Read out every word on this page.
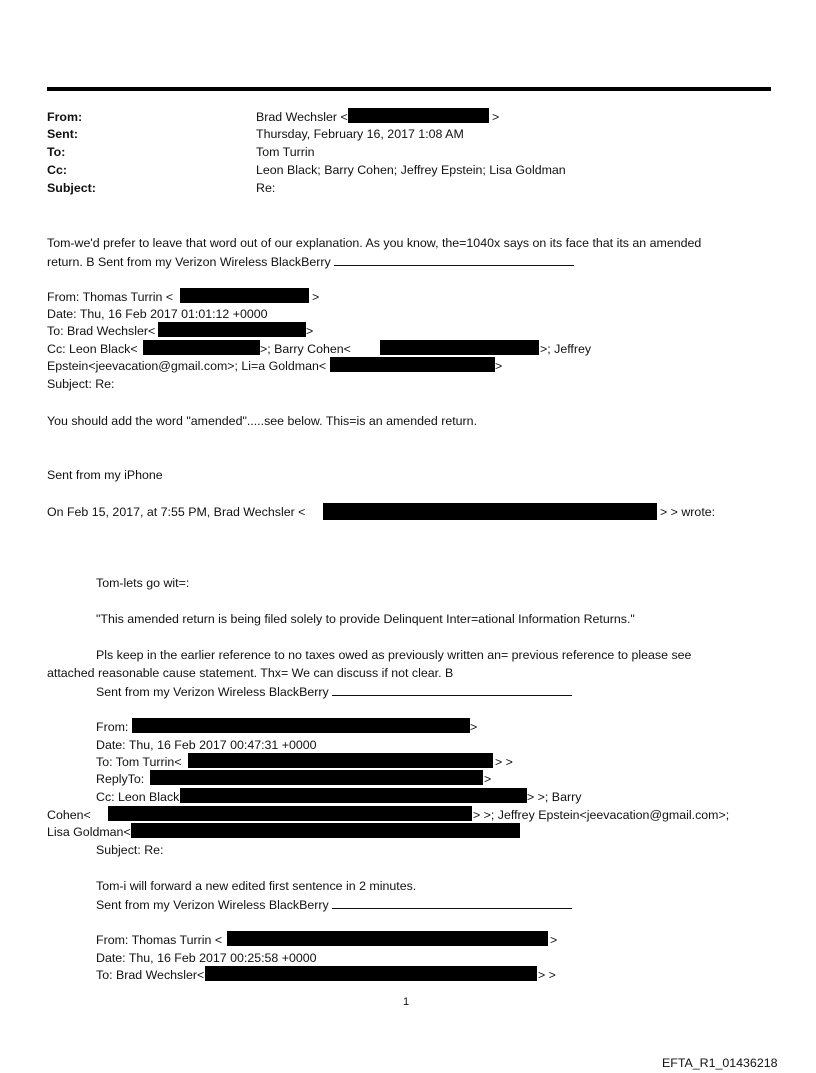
From:	Brad Wechsler <	>
Sent:	Thursday, February 16, 2017 1:08 AM
To:	Tom Turrin
Cc:	Leon Black; Barry Cohen; Jeffrey Epstein; Lisa Goldman
Subject:	Re:
Tom-we'd prefer to leave that word out of our explanation. As you know, the=1040x says on its face that its an amended
return. B Sent from my Verizon Wireless BlackBerry
From: Thomas Turrin <	>
Date: Thu, 16 Feb 2017 01:01:12 +0000
To: Brad Wechsler<	>
Cc: Leon Black<	>; Barry Cohen<	>; Jeffrey
Epstein<jeevacation@gmail.com>; Li=a Goldman<	>
Subject: Re:
You should add the word "amended".....see below. This=is an amended return.
Sent from my iPhone
On Feb 15, 2017, at 7:55 PM, Brad Wechsler <	> > wrote:
Tom-lets go wit=:
"This amended return is being filed solely to provide Delinquent Inter=ational Information Returns."
Pls keep in the earlier reference to no taxes owed as previously written an= previous reference to please see
attached reasonable cause statement. Thx= We can discuss if not clear. B
Sent from my Verizon Wireless BlackBerry
From:	>
Date: Thu, 16 Feb 2017 00:47:31 +0000
To: Tom Turrin<	> >
ReplyTo:	>
Cc: Leon Black	> >; Barry
Cohen<	> >; Jeffrey Epstein<jeevacation@gmail.com>;
Lisa Goldman<
Subject: Re:
Tom-i will forward a new edited first sentence in 2 minutes.
Sent from my Verizon Wireless BlackBerry
From: Thomas Turrin <	>
Date: Thu, 16 Feb 2017 00:25:58 +0000
To: Brad Wechsler<	> >
1
EFTA_R1_01436218
